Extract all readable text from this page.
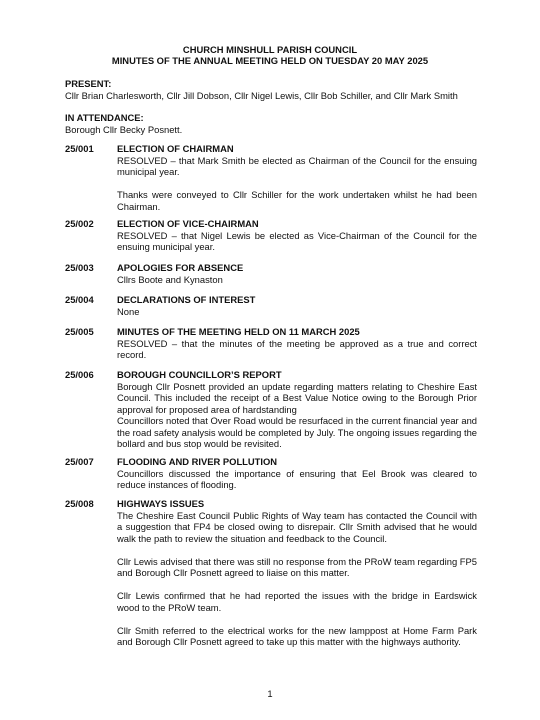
CHURCH MINSHULL PARISH COUNCIL
MINUTES OF THE ANNUAL MEETING HELD ON TUESDAY 20 MAY 2025
PRESENT:
Cllr Brian Charlesworth, Cllr Jill Dobson, Cllr Nigel Lewis, Cllr Bob Schiller, and Cllr Mark Smith
IN ATTENDANCE:
Borough Cllr Becky Posnett.
25/001	ELECTION OF CHAIRMAN
RESOLVED – that Mark Smith be elected as Chairman of the Council for the ensuing municipal year.
Thanks were conveyed to Cllr Schiller for the work undertaken whilst he had been Chairman.
25/002	ELECTION OF VICE-CHAIRMAN
RESOLVED – that Nigel Lewis be elected as Vice-Chairman of the Council for the ensuing municipal year.
25/003	APOLOGIES FOR ABSENCE
Cllrs Boote and Kynaston
25/004	DECLARATIONS OF INTEREST
None
25/005	MINUTES OF THE MEETING HELD ON 11 MARCH 2025
RESOLVED – that the minutes of the meeting be approved as a true and correct record.
25/006	BOROUGH COUNCILLOR’S REPORT
Borough Cllr Posnett provided an update regarding matters relating to Cheshire East Council. This included the receipt of a Best Value Notice owing to the Borough Prior approval for proposed area of hardstanding
Councillors noted that Over Road would be resurfaced in the current financial year and the road safety analysis would be completed by July. The ongoing issues regarding the bollard and bus stop would be revisited.
25/007	FLOODING AND RIVER POLLUTION
Councillors discussed the importance of ensuring that Eel Brook was cleared to reduce instances of flooding.
25/008	HIGHWAYS ISSUES
The Cheshire East Council Public Rights of Way team has contacted the Council with a suggestion that FP4 be closed owing to disrepair. Cllr Smith advised that he would walk the path to review the situation and feedback to the Council.
Cllr Lewis advised that there was still no response from the PRoW team regarding FP5 and Borough Cllr Posnett agreed to liaise on this matter.
Cllr Lewis confirmed that he had reported the issues with the bridge in Eardswick wood to the PRoW team.
Cllr Smith referred to the electrical works for the new lamppost at Home Farm Park and Borough Cllr Posnett agreed to take up this matter with the highways authority.
1
